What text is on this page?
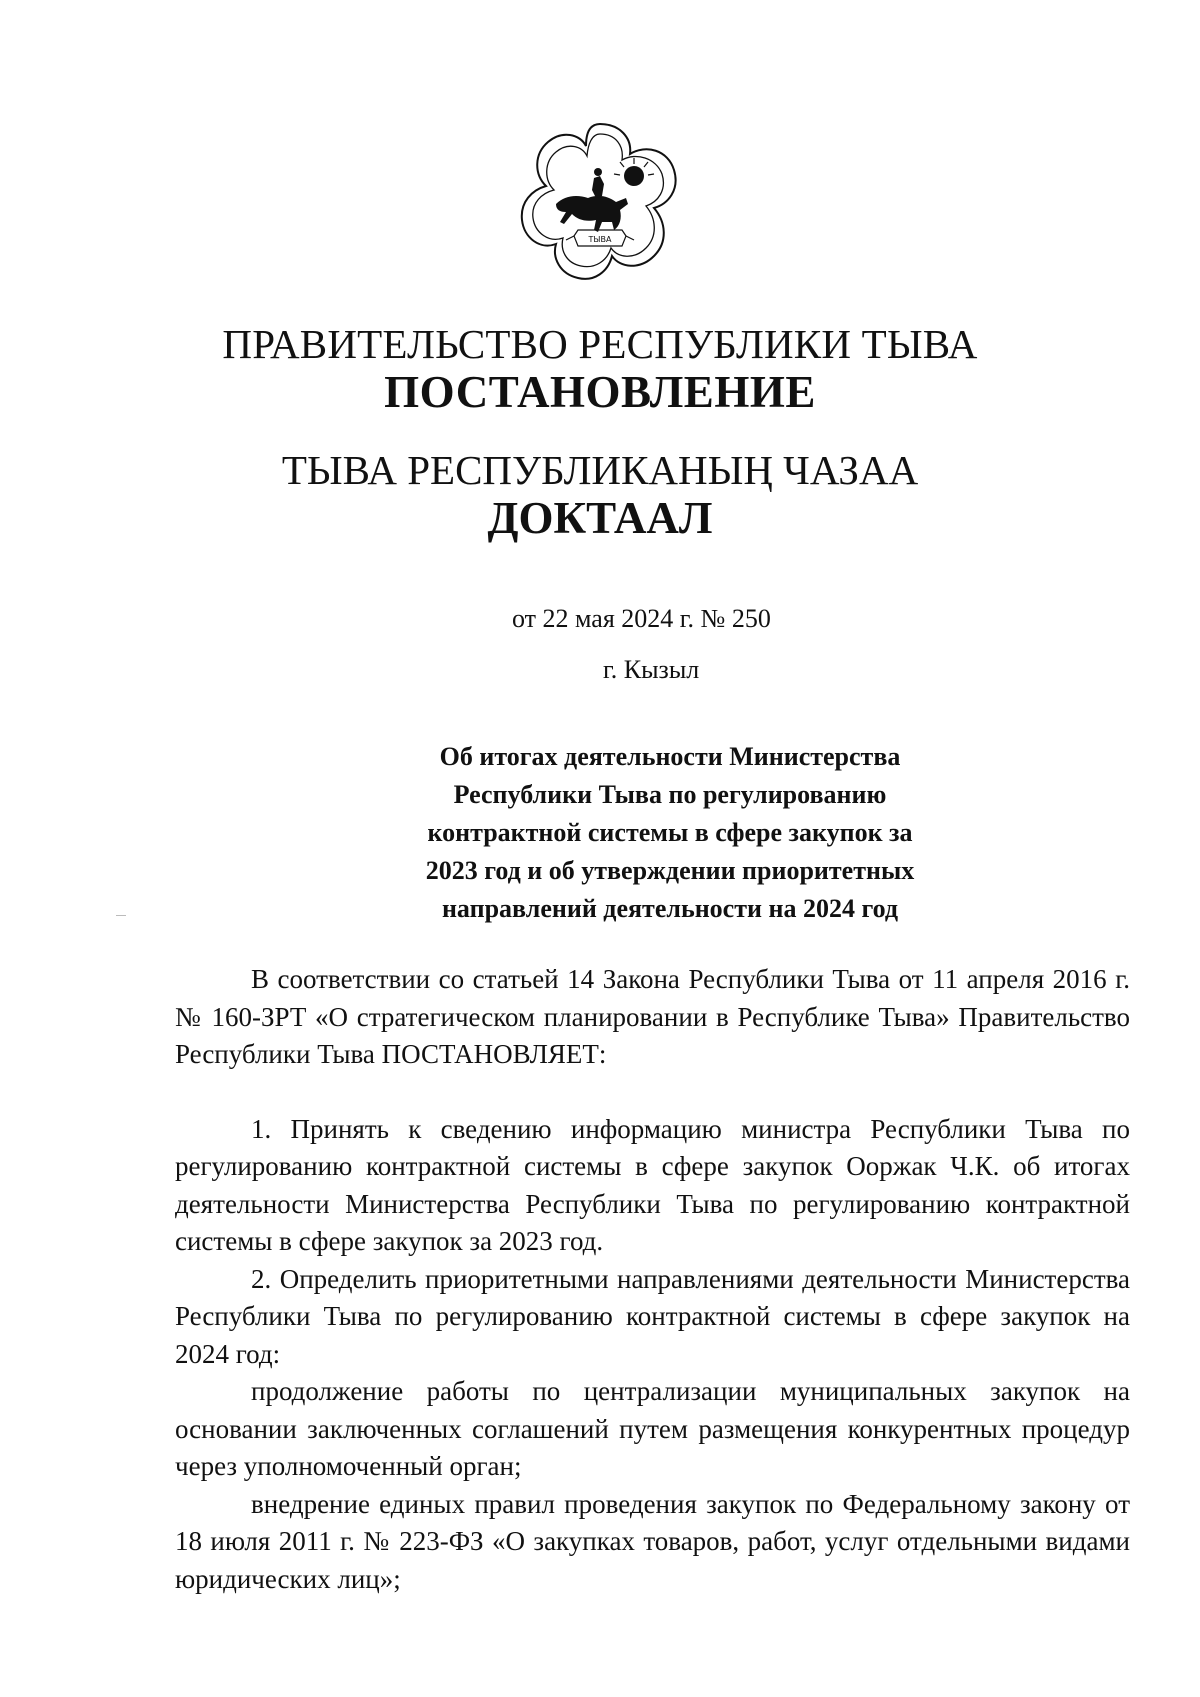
ТЫВА
ПРАВИТЕЛЬСТВО РЕСПУБЛИКИ ТЫВА
ПОСТАНОВЛЕНИЕ
ТЫВА РЕСПУБЛИКАНЫҢ ЧАЗАА
ДОКТААЛ
от 22 мая 2024 г. № 250
г. Кызыл
Об итогах деятельности Министерства
Республики Тыва по регулированию
контрактной системы в сфере закупок за
2023 год и об утверждении приоритетных
направлений деятельности на 2024 год

В соответствии со статьей 14 Закона Республики Тыва от 11 апреля 2016 г. № 160-ЗРТ «О стратегическом планировании в Республике Тыва» Правительство Республики Тыва ПОСТАНОВЛЯЕТ:

1. Принять к сведению информацию министра Республики Тыва по регулированию контрактной системы в сфере закупок Ооржак Ч.К. об итогах деятельности Министерства Республики Тыва по регулированию контрактной системы в сфере закупок за 2023 год.

2. Определить приоритетными направлениями деятельности Министерства Республики Тыва по регулированию контрактной системы в сфере закупок на 2024 год:

продолжение работы по централизации муниципальных закупок на основании заключенных соглашений путем размещения конкурентных процедур через уполномоченный орган;

внедрение единых правил проведения закупок по Федеральному закону от 18 июля 2011 г. № 223-ФЗ «О закупках товаров, работ, услуг отдельными видами юридических лиц»;
